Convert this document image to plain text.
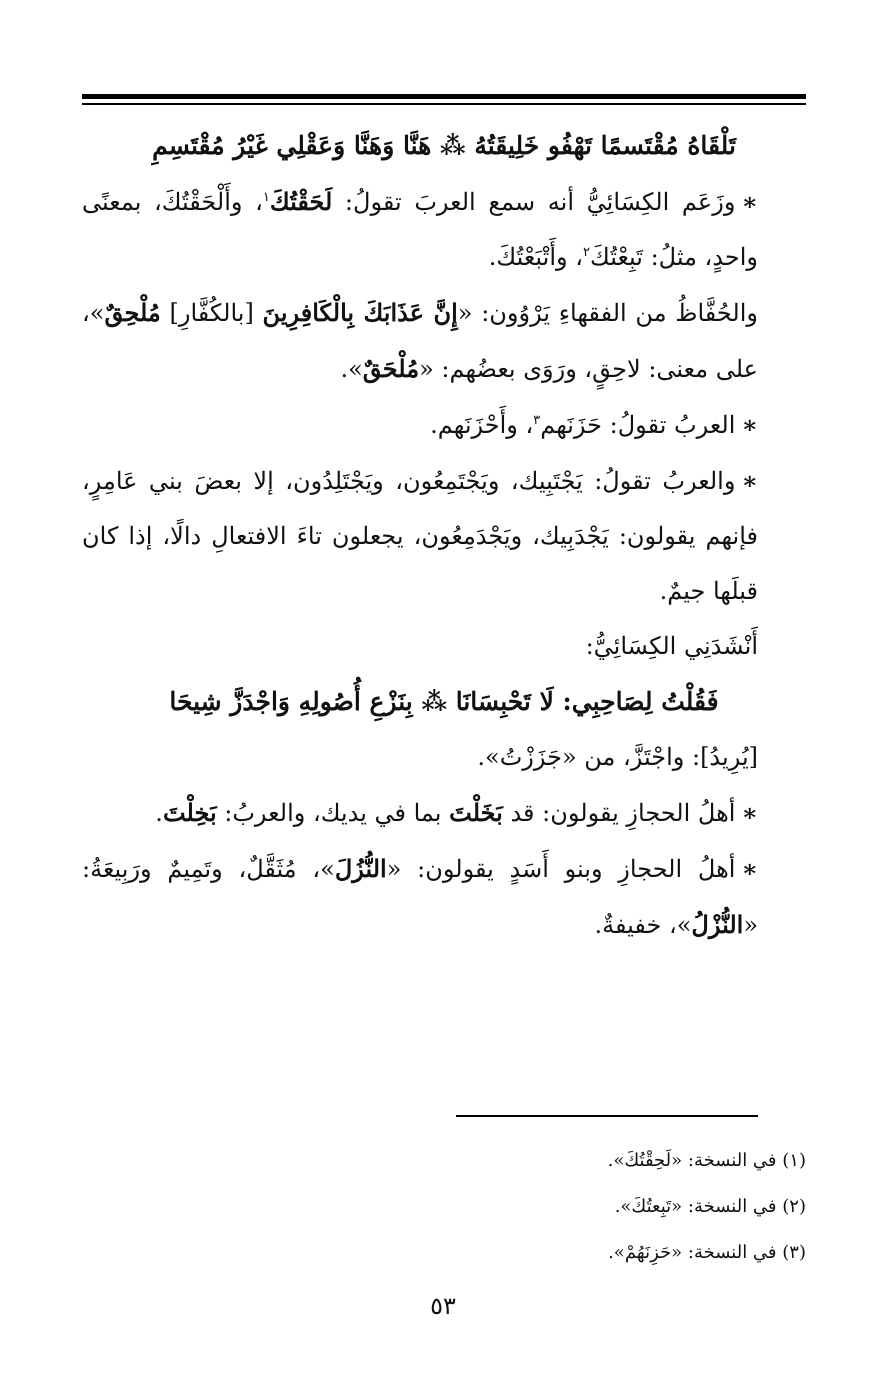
تَلْقَاهُ مُقْتَسمًا تَهْفُو خَلِيقَتُهُ ⁂ هَنَّا وَهَنَّا وَعَقْلِي غَيْرُ مُقْتَسِمِ

∗وزَعَم الكِسَائِيُّ أنه سمع العربَ تقولُ: لَحَقْتُكَ$^١$، وأَلْحَقْتُكَ، بمعنًى واحدٍ، مثلُ: تَبِعْتُكَ$^٢$، وأَتْبَعْتُكَ.

والحُفَّاظُ من الفقهاءِ يَرْوُون: «إِنَّ عَذَابَكَ بِالْكَافِرِينَ [بالكُفَّارِ] مُلْحِقٌ»، على معنى: لاحِقٍ، ورَوَى بعضُهم: «مُلْحَقٌ».

∗العربُ تقولُ: حَزَنَهم$^٣$، وأَحْزَنَهم.

∗والعربُ تقولُ: يَجْتَبِيك، ويَجْتَمِعُون، ويَجْتَلِدُون، إلا بعضَ بني عَامِرٍ، فإنهم يقولون: يَجْدَبِيك، ويَجْدَمِعُون، يجعلون تاءَ الافتعالِ دالًا، إذا كان قبلَها جيمٌ.

أَنْشَدَنِي الكِسَائِيُّ:

فَقُلْتُ لِصَاحِبِي: لَا تَحْبِسَانَا ⁂ بِنَزْعِ أُصُولِهِ وَاجْدَزَّ شِيحَا

[يُرِيدُ]: واجْتَزَّ، من «جَزَزْتُ».

∗أهلُ الحجازِ يقولون: قد بَخَلْتَ بما في يديك، والعربُ: بَخِلْتَ.

∗أهلُ الحجازِ وبنو أَسَدٍ يقولون: «النُّزُلَ»، مُثَقَّلٌ، وتَمِيمٌ ورَبِيعَةُ: «النُّزْلُ»، خفيفةٌ.

(١) في النسخة: «لَحِقْتُكَ».
(٢) في النسخة: «تَبِعتُكَ».
(٣) في النسخة: «حَزِنَهُمْ».
٥٣
